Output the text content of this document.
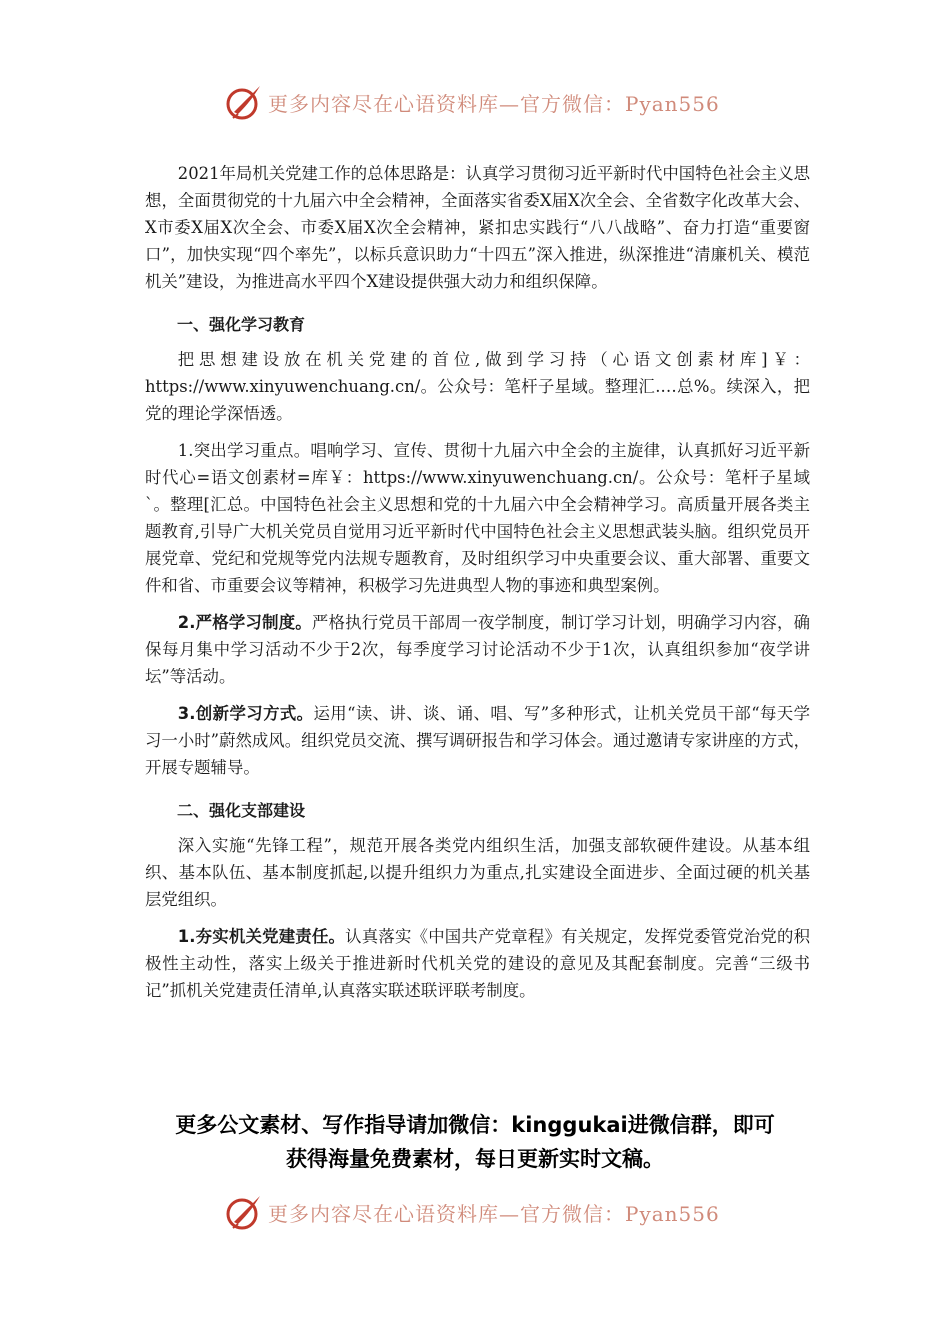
更多内容尽在心语资料库—官方微信：Pyan556

2021年局机关党建工作的总体思路是：认真学习贯彻习近平新时代中国特色社会主义思想，全面贯彻党的十九届六中全会精神，全面落实省委X届X次全会、全省数字化改革大会、X市委X届X次全会、市委X届X次全会精神，紧扣忠实践行“八八战略”、奋力打造“重要窗口”，加快实现“四个率先”，以标兵意识助力“十四五”深入推进，纵深推进“清廉机关、模范机关”建设，为推进高水平四个X建设提供强大动力和组织保障。

一、强化学习教育

把思想建设放在机关党建的首位,做到学习持（心语文创素材库]￥：https://www.xinyuwenchuang.cn/。公众号：笔杆子星域。整理汇.…总%。续深入，把党的理论学深悟透。

1.突出学习重点。唱响学习、宣传、贯彻十九届六中全会的主旋律，认真抓好习近平新时代心=语文创素材=库￥：https://www.xinyuwenchuang.cn/。公众号：笔杆子星域`。整理[汇总。中国特色社会主义思想和党的十九届六中全会精神学习。高质量开展各类主题教育,引导广大机关党员自觉用习近平新时代中国特色社会主义思想武装头脑。组织党员开展党章、党纪和党规等党内法规专题教育，及时组织学习中央重要会议、重大部署、重要文件和省、市重要会议等精神，积极学习先进典型人物的事迹和典型案例。

2.严格学习制度。严格执行党员干部周一夜学制度，制订学习计划，明确学习内容，确保每月集中学习活动不少于2次，每季度学习讨论活动不少于1次，认真组织参加“夜学讲坛”等活动。

3.创新学习方式。运用“读、讲、谈、诵、唱、写”多种形式，让机关党员干部“每天学习一小时”蔚然成风。组织党员交流、撰写调研报告和学习体会。通过邀请专家讲座的方式，开展专题辅导。

二、强化支部建设

深入实施“先锋工程”，规范开展各类党内组织生活，加强支部软硬件建设。从基本组织、基本队伍、基本制度抓起,以提升组织力为重点,扎实建设全面进步、全面过硬的机关基层党组织。

1.夯实机关党建责任。认真落实《中国共产党章程》有关规定，发挥党委管党治党的积极性主动性，落实上级关于推进新时代机关党的建设的意见及其配套制度。完善“三级书记”抓机关党建责任清单,认真落实联述联评联考制度。

更多公文素材、写作指导请加微信：kinggukai进微信群，即可
获得海量免费素材，每日更新实时文稿。
更多内容尽在心语资料库—官方微信：Pyan556
